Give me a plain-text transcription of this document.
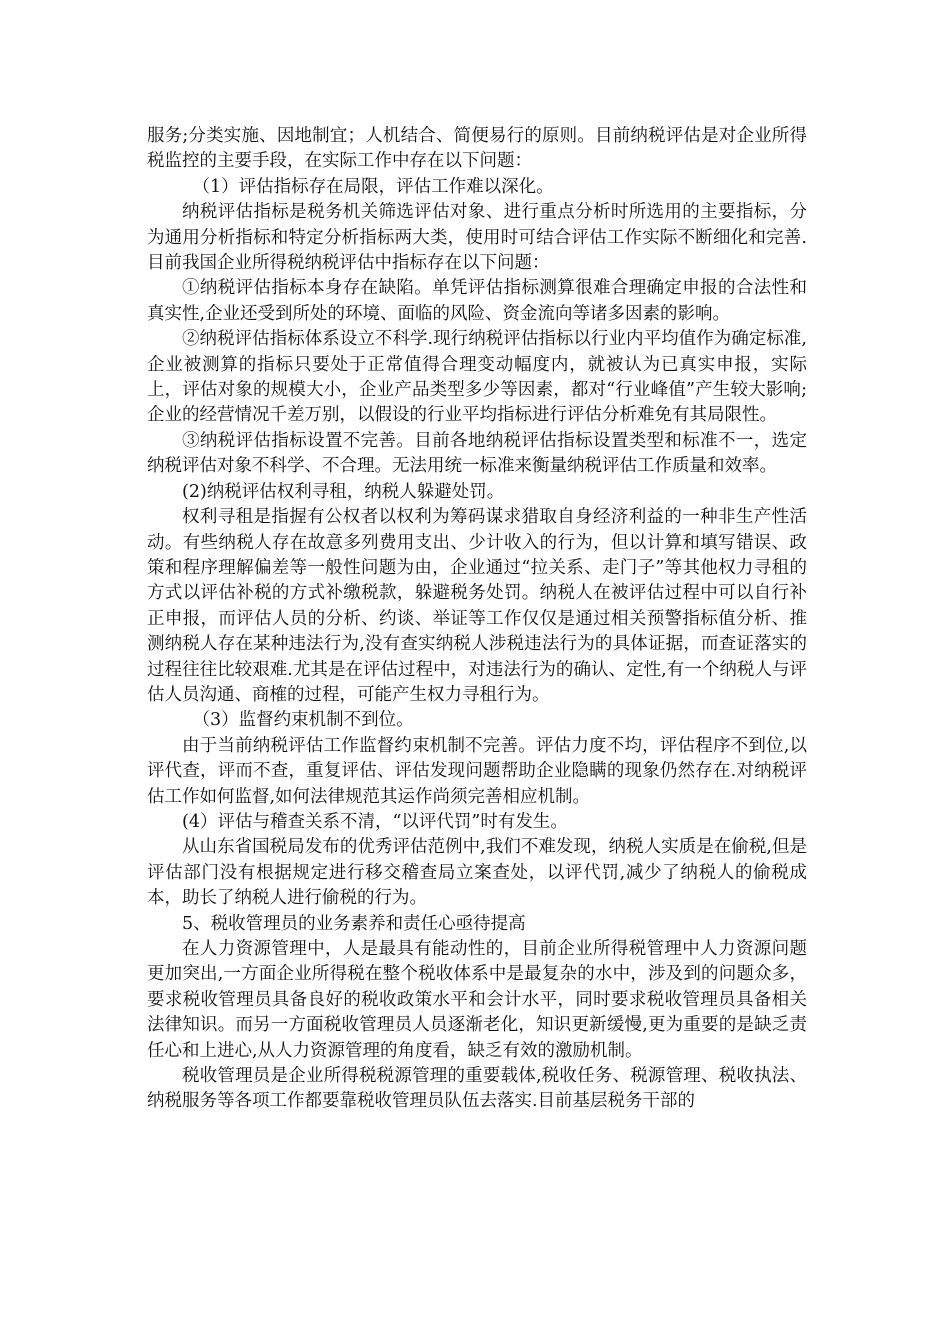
服务;分类实施、因地制宜；人机结合、简便易行的原则。目前纳税评估是对企业所得税监控的主要手段，在实际工作中存在以下问题：

（1）评估指标存在局限，评估工作难以深化。

纳税评估指标是税务机关筛选评估对象、进行重点分析时所选用的主要指标，分为通用分析指标和特定分析指标两大类，使用时可结合评估工作实际不断细化和完善.目前我国企业所得税纳税评估中指标存在以下问题：

①纳税评估指标本身存在缺陷。单凭评估指标测算很难合理确定申报的合法性和真实性,企业还受到所处的环境、面临的风险、资金流向等诸多因素的影响。

②纳税评估指标体系设立不科学.现行纳税评估指标以行业内平均值作为确定标准,企业被测算的指标只要处于正常值得合理变动幅度内，就被认为已真实申报，实际上，评估对象的规模大小，企业产品类型多少等因素，都对“行业峰值”产生较大影响;企业的经营情况千差万别，以假设的行业平均指标进行评估分析难免有其局限性。

③纳税评估指标设置不完善。目前各地纳税评估指标设置类型和标准不一，选定纳税评估对象不科学、不合理。无法用统一标准来衡量纳税评估工作质量和效率。

(2)纳税评估权利寻租，纳税人躲避处罚。

权利寻租是指握有公权者以权利为筹码谋求猎取自身经济利益的一种非生产性活动。有些纳税人存在故意多列费用支出、少计收入的行为，但以计算和填写错误、政策和程序理解偏差等一般性问题为由，企业通过“拉关系、走门子”等其他权力寻租的方式以评估补税的方式补缴税款，躲避税务处罚。纳税人在被评估过程中可以自行补正申报，而评估人员的分析、约谈、举证等工作仅仅是通过相关预警指标值分析、推测纳税人存在某种违法行为,没有查实纳税人涉税违法行为的具体证据，而查证落实的过程往往比较艰难.尤其是在评估过程中，对违法行为的确认、定性,有一个纳税人与评估人员沟通、商榷的过程，可能产生权力寻租行为。

（3）监督约束机制不到位。

由于当前纳税评估工作监督约束机制不完善。评估力度不均，评估程序不到位,以评代查，评而不查，重复评估、评估发现问题帮助企业隐瞒的现象仍然存在.对纳税评估工作如何监督,如何法律规范其运作尚须完善相应机制。

(4）评估与稽查关系不清，“以评代罚”时有发生。

从山东省国税局发布的优秀评估范例中,我们不难发现，纳税人实质是在偷税,但是评估部门没有根据规定进行移交稽查局立案查处，以评代罚,减少了纳税人的偷税成本，助长了纳税人进行偷税的行为。

5、税收管理员的业务素养和责任心亟待提高

在人力资源管理中，人是最具有能动性的，目前企业所得税管理中人力资源问题更加突出,一方面企业所得税在整个税收体系中是最复杂的水中，涉及到的问题众多，要求税收管理员具备良好的税收政策水平和会计水平，同时要求税收管理员具备相关法律知识。而另一方面税收管理员人员逐渐老化，知识更新缓慢,更为重要的是缺乏责任心和上进心,从人力资源管理的角度看，缺乏有效的激励机制。

税收管理员是企业所得税税源管理的重要载体,税收任务、税源管理、税收执法、纳税服务等各项工作都要靠税收管理员队伍去落实.目前基层税务干部的
